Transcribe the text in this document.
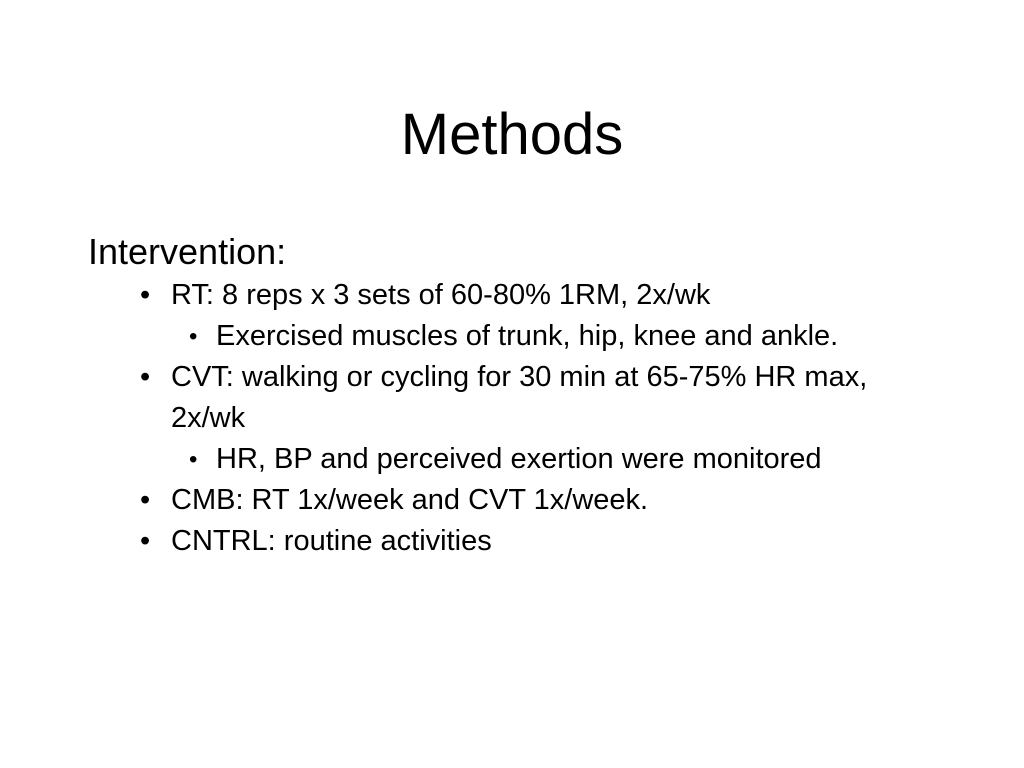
Methods

Intervention:

• RT: 8 reps x 3 sets of 60-80% 1RM, 2x/wk
• Exercised muscles of trunk, hip, knee and ankle.
• CVT: walking or cycling for 30 min at 65-75% HR max, 2x/wk
• HR, BP and perceived exertion were monitored
• CMB: RT 1x/week and CVT 1x/week.
• CNTRL: routine activities
